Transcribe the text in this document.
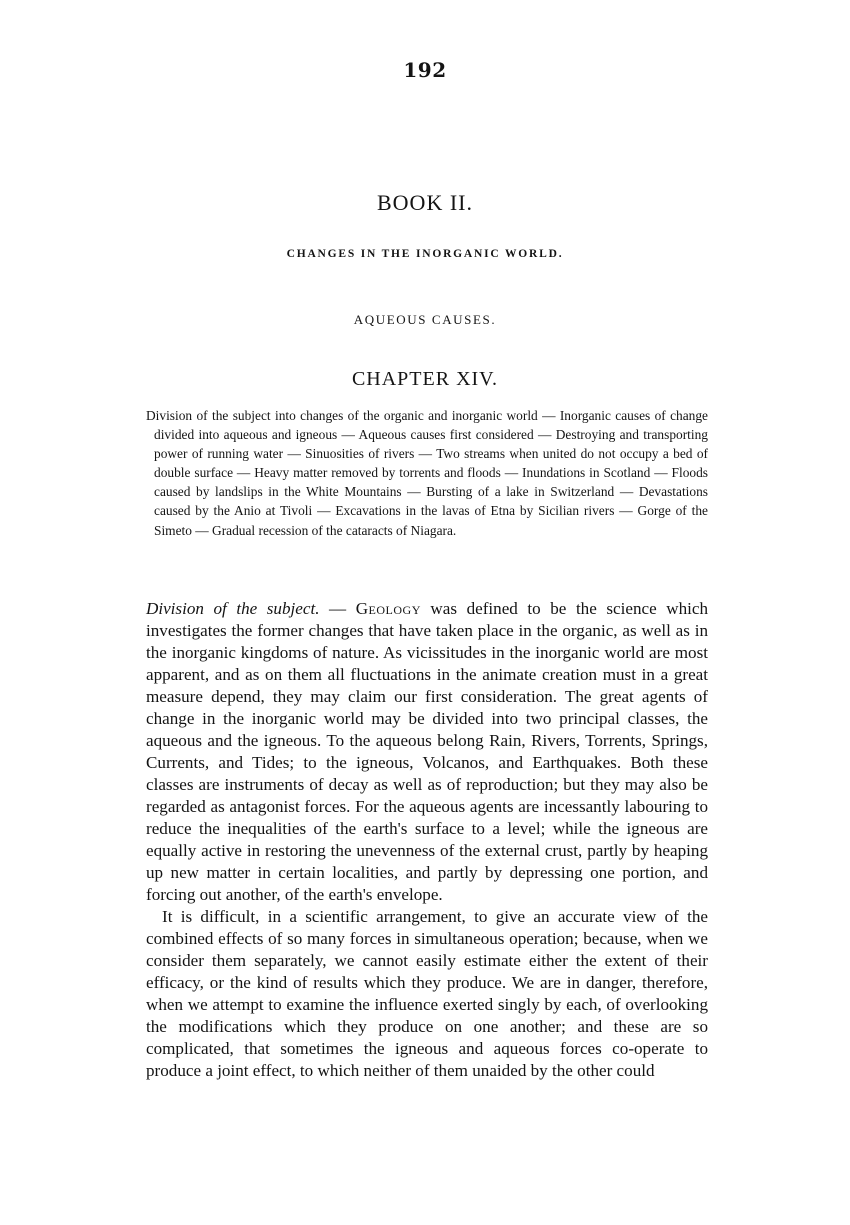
192
BOOK II.
CHANGES IN THE INORGANIC WORLD.
AQUEOUS CAUSES.
CHAPTER XIV.
Division of the subject into changes of the organic and inorganic world — Inorganic causes of change divided into aqueous and igneous — Aqueous causes first considered — Destroying and transporting power of running water — Sinuosities of rivers — Two streams when united do not occupy a bed of double surface — Heavy matter removed by torrents and floods — Inundations in Scotland — Floods caused by landslips in the White Mountains — Bursting of a lake in Switzerland — Devastations caused by the Anio at Tivoli — Excavations in the lavas of Etna by Sicilian rivers — Gorge of the Simeto — Gradual recession of the cataracts of Niagara.

Division of the subject. — Geology was defined to be the science which investigates the former changes that have taken place in the organic, as well as in the inorganic kingdoms of nature. As vicissitudes in the inorganic world are most apparent, and as on them all fluctuations in the animate creation must in a great measure depend, they may claim our first consideration. The great agents of change in the inorganic world may be divided into two principal classes, the aqueous and the igneous. To the aqueous belong Rain, Rivers, Torrents, Springs, Currents, and Tides; to the igneous, Volcanos, and Earthquakes. Both these classes are instruments of decay as well as of reproduction; but they may also be regarded as antagonist forces. For the aqueous agents are incessantly labouring to reduce the inequalities of the earth's surface to a level; while the igneous are equally active in restoring the unevenness of the external crust, partly by heaping up new matter in certain localities, and partly by depressing one portion, and forcing out another, of the earth's envelope.

It is difficult, in a scientific arrangement, to give an accurate view of the combined effects of so many forces in simultaneous operation; because, when we consider them separately, we cannot easily estimate either the extent of their efficacy, or the kind of results which they produce. We are in danger, therefore, when we attempt to examine the influence exerted singly by each, of overlooking the modifications which they produce on one another; and these are so complicated, that sometimes the igneous and aqueous forces co-operate to produce a joint effect, to which neither of them unaided by the other could
